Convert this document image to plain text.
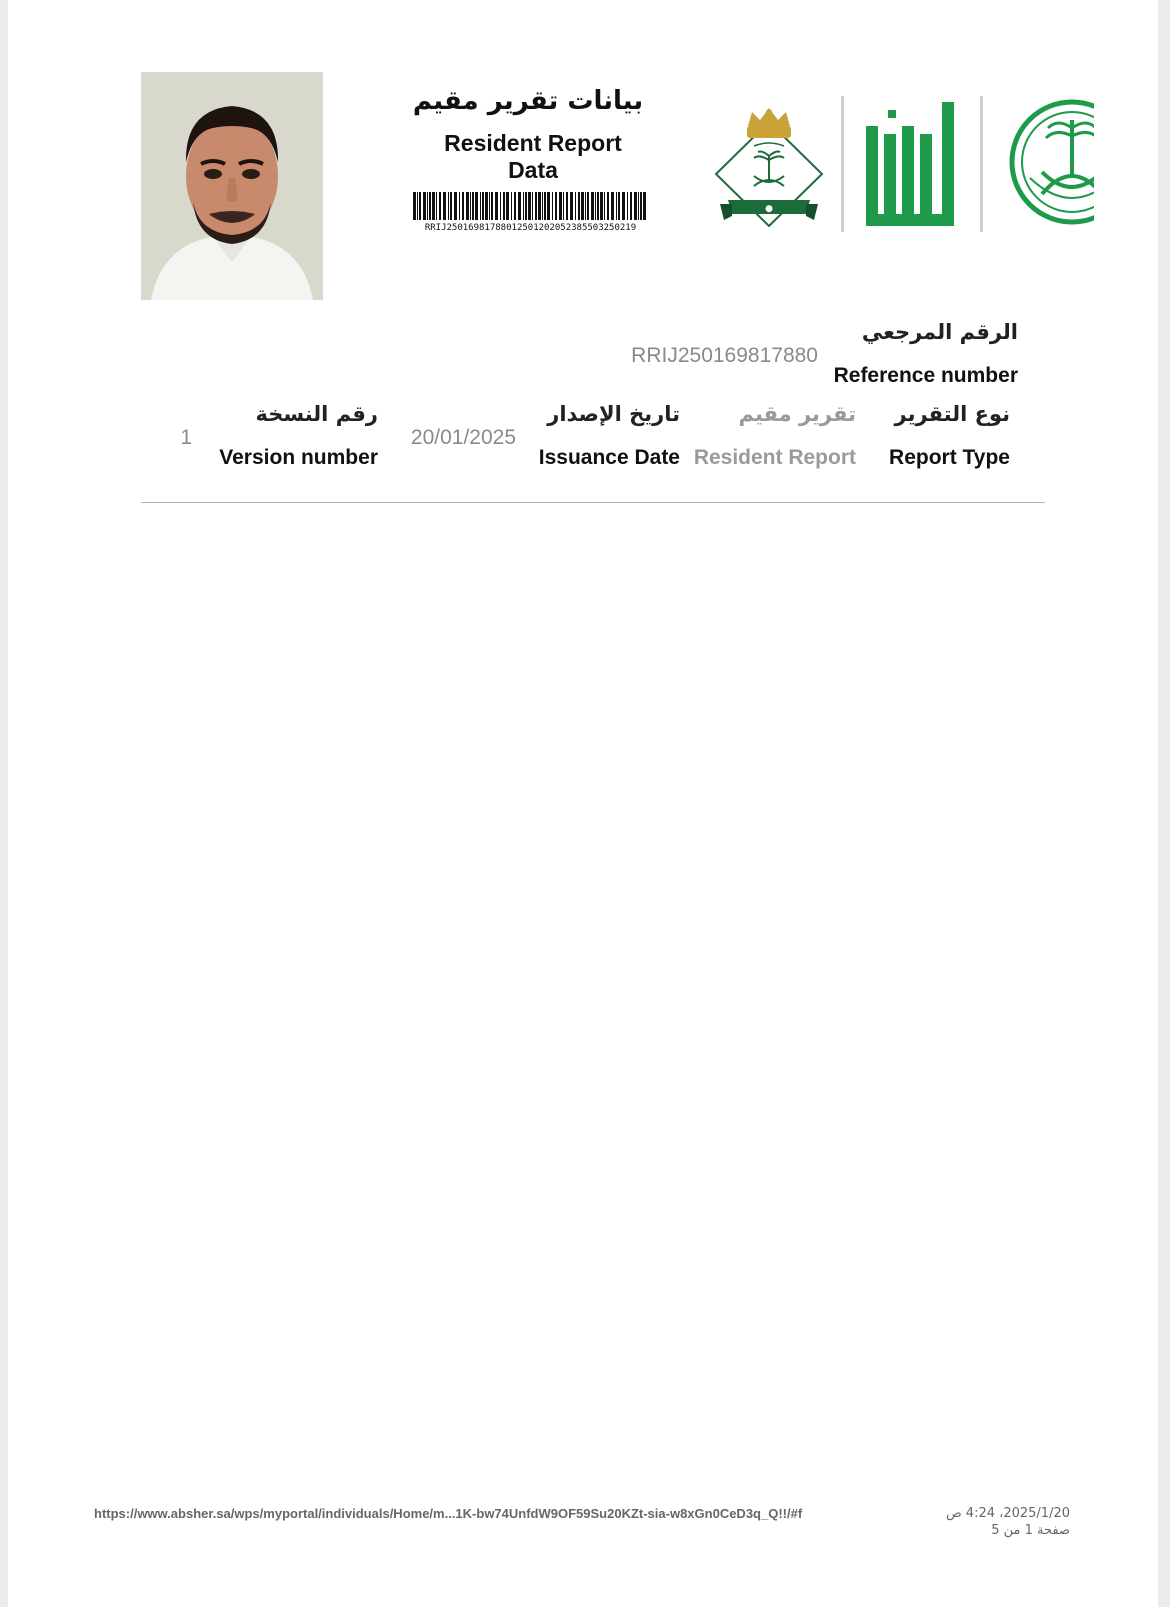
بيانات تقرير مقيم
Resident Report Data
RRIJ250169817880125012020523855032502​19
●
الرقم المرجعي
Reference number
RRIJ250169817880
نوع التقرير
Report Type
تقرير مقيم
Resident Report
تاريخ الإصدار
Issuance Date
20/01/2025
رقم النسخة
Version number
1
https://www.absher.sa/wps/myportal/individuals/Home/m...1K-bw74UnfdW9OF59Su20KZt-sia-w8xGn0CeD3q_Q!!/#f	2025/1/20، 4:24 ص
صفحة 1 من 5
